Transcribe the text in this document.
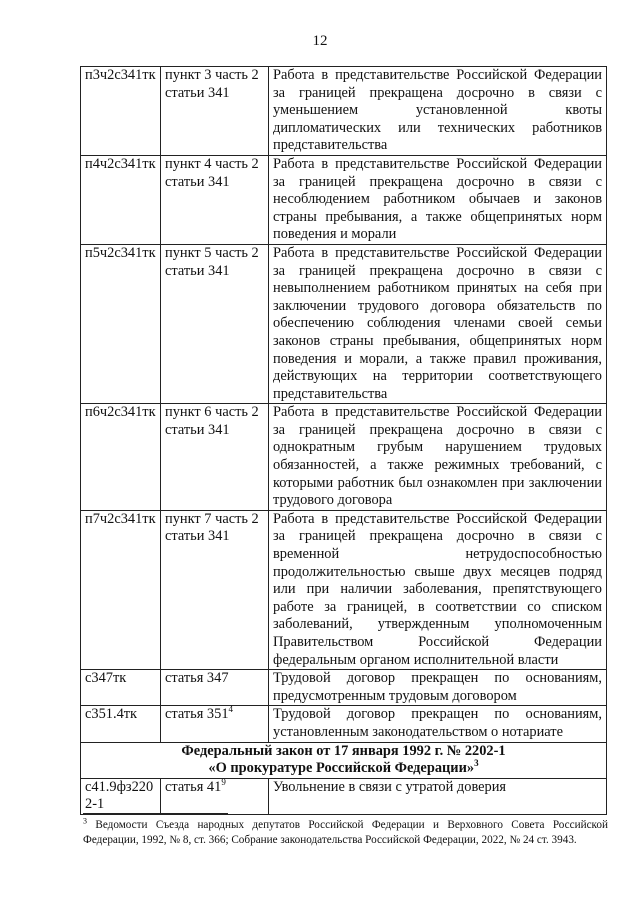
12
п3ч2с341тк	пункт 3 часть 2 статьи 341	Работа в представительстве Российской Федерации за границей прекращена досрочно в связи с уменьшением установленной квоты дипломатических или технических работников представительства
п4ч2с341тк	пункт 4 часть 2 статьи 341	Работа в представительстве Российской Федерации за границей прекращена досрочно в связи с несоблюдением работником обычаев и законов страны пребывания, а также общепринятых норм поведения и морали
п5ч2с341тк	пункт 5 часть 2 статьи 341	Работа в представительстве Российской Федерации за границей прекращена досрочно в связи с невыполнением работником принятых на себя при заключении трудового договора обязательств по обеспечению соблюдения членами своей семьи законов страны пребывания, общепринятых норм поведения и морали, а также правил проживания, действующих на территории соответствующего представительства
п6ч2с341тк	пункт 6 часть 2 статьи 341	Работа в представительстве Российской Федерации за границей прекращена досрочно в связи с однократным грубым нарушением трудовых обязанностей, а также режимных требований, с которыми работник был ознакомлен при заключении трудового договора
п7ч2с341тк	пункт 7 часть 2 статьи 341	Работа в представительстве Российской Федерации за границей прекращена досрочно в связи с временной нетрудоспособностью продолжительностью свыше двух месяцев подряд или при наличии заболевания, препятствующего работе за границей, в соответствии со списком заболеваний, утвержденным уполномоченным Правительством Российской Федерации федеральным органом исполнительной власти
с347тк	статья 347	Трудовой договор прекращен по основаниям, предусмотренным трудовым договором
с351.4тк	статья $351^4$	Трудовой договор прекращен по основаниям, установленным законодательством о нотариате
Федеральный закон от 17 января 1992 г. № 2202-1
«О прокуратуре Российской Федерации»$^3$
с41.9фз2202-1	статья $41^9$	Увольнение в связи с утратой доверия
$^3$ Ведомости Съезда народных депутатов Российской Федерации и Верховного Совета Российской Федерации, 1992, № 8, ст. 366; Собрание законодательства Российской Федерации, 2022, № 24 ст. 3943.
